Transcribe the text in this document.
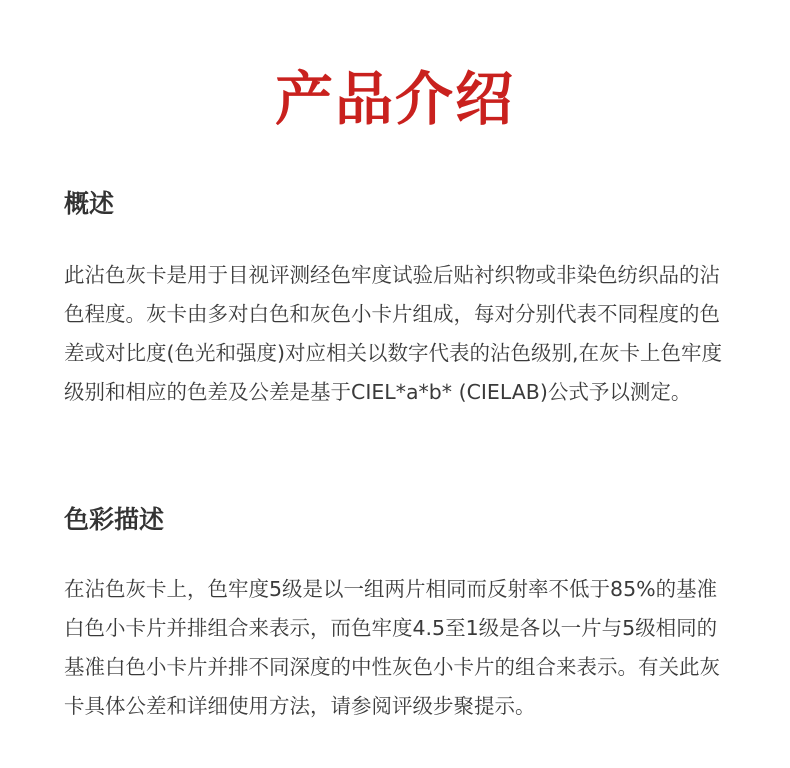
产品介绍
概述

此沾色灰卡是用于目视评测经色牢度试验后贴衬织物或非染色纺织品的沾色程度。灰卡由多对白色和灰色小卡片组成，每对分别代表不同程度的色差或对比度(色光和强度)对应相关以数字代表的沾色级别,在灰卡上色牢度级别和相应的色差及公差是基于CIEL*a*b* (CIELAB)公式予以测定。

色彩描述

在沾色灰卡上，色牢度5级是以一组两片相同而反射率不低于85%的基准白色小卡片并排组合来表示，而色牢度4.5至1级是各以一片与5级相同的基准白色小卡片并排不同深度的中性灰色小卡片的组合来表示。有关此灰卡具体公差和详细使用方法，请参阅评级步聚提示。
